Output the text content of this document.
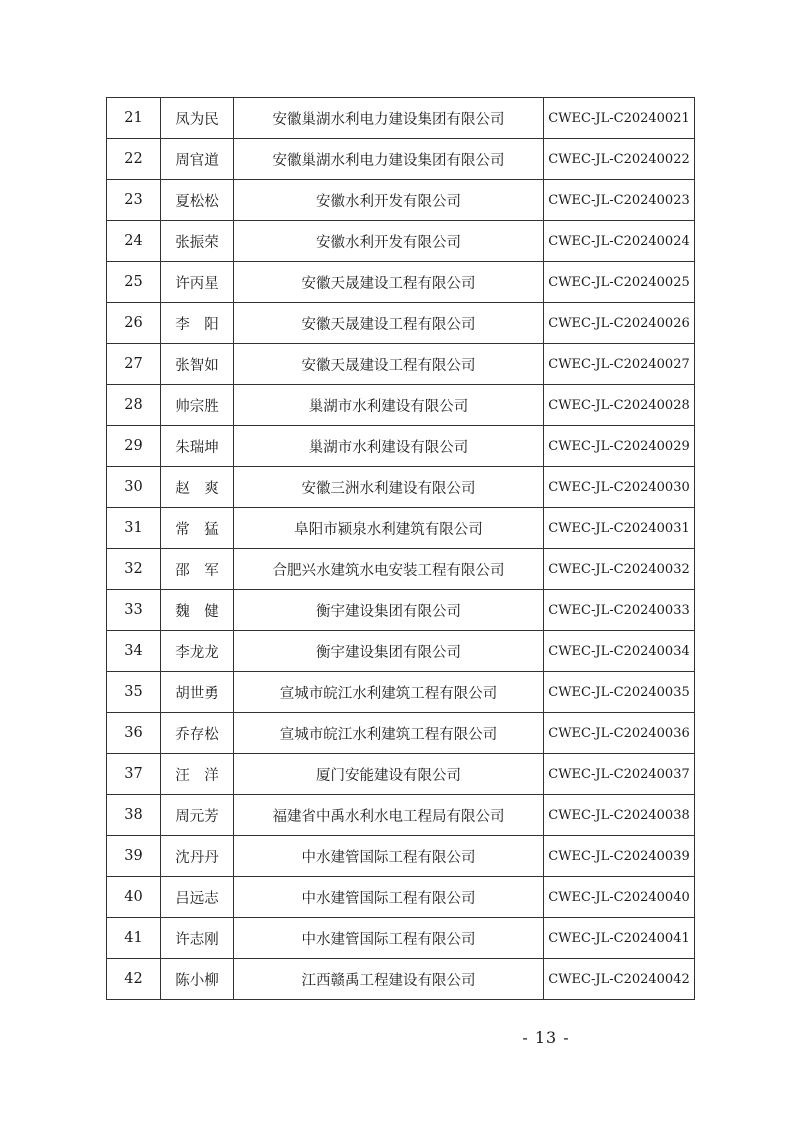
21	凤为民	安徽巢湖水利电力建设集团有限公司	CWEC-JL-C20240021
22	周官道	安徽巢湖水利电力建设集团有限公司	CWEC-JL-C20240022
23	夏松松	安徽水利开发有限公司	CWEC-JL-C20240023
24	张振荣	安徽水利开发有限公司	CWEC-JL-C20240024
25	许丙星	安徽天晟建设工程有限公司	CWEC-JL-C20240025
26	李　阳	安徽天晟建设工程有限公司	CWEC-JL-C20240026
27	张智如	安徽天晟建设工程有限公司	CWEC-JL-C20240027
28	帅宗胜	巢湖市水利建设有限公司	CWEC-JL-C20240028
29	朱瑞坤	巢湖市水利建设有限公司	CWEC-JL-C20240029
30	赵　爽	安徽三洲水利建设有限公司	CWEC-JL-C20240030
31	常　猛	阜阳市颍泉水利建筑有限公司	CWEC-JL-C20240031
32	邵　军	合肥兴水建筑水电安装工程有限公司	CWEC-JL-C20240032
33	魏　健	衡宇建设集团有限公司	CWEC-JL-C20240033
34	李龙龙	衡宇建设集团有限公司	CWEC-JL-C20240034
35	胡世勇	宣城市皖江水利建筑工程有限公司	CWEC-JL-C20240035
36	乔存松	宣城市皖江水利建筑工程有限公司	CWEC-JL-C20240036
37	汪　洋	厦门安能建设有限公司	CWEC-JL-C20240037
38	周元芳	福建省中禹水利水电工程局有限公司	CWEC-JL-C20240038
39	沈丹丹	中水建管国际工程有限公司	CWEC-JL-C20240039
40	吕远志	中水建管国际工程有限公司	CWEC-JL-C20240040
41	许志刚	中水建管国际工程有限公司	CWEC-JL-C20240041
42	陈小柳	江西赣禹工程建设有限公司	CWEC-JL-C20240042
- 13 -
